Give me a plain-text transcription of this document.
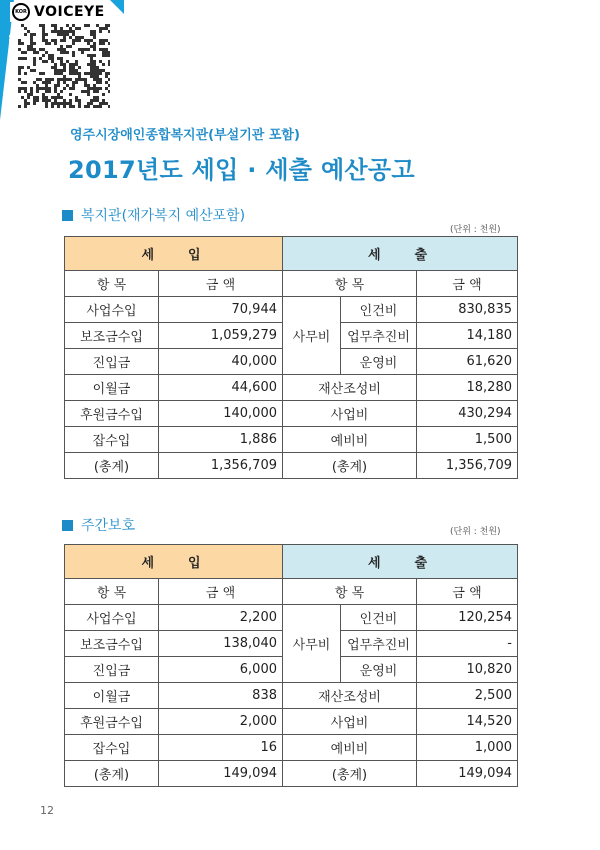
voiceye.com
KOR VOICEYE
영주시장애인종합복지관(부설기관 포함)
2017년도 세입 · 세출 예산공고
복지관(재가복지 예산포함)
(단위 : 천원)
세입		세출		
항 목	금 액	항 목		금 액
사업수입	70,944	사무비	인건비	830,835
보조금수입	1,059,279		업무추진비	14,180
진입금	40,000		운영비	61,620
이월금	44,600	재산조성비		18,280
후원금수입	140,000	사업비		430,294
잡수입	1,886	예비비		1,500
(총계)	1,356,709	(총계)		1,356,709
주간보호	(단위 : 천원)
세입		세출		
항 목	금 액	항 목		금 액
사업수입	2,200	사무비	인건비	120,254
보조금수입	138,040		업무추진비	-
진입금	6,000		운영비	10,820
이월금	838	재산조성비		2,500
후원금수입	2,000	사업비		14,520
잡수입	16	예비비		1,000
(총계)	149,094	(총계)		149,094
12
